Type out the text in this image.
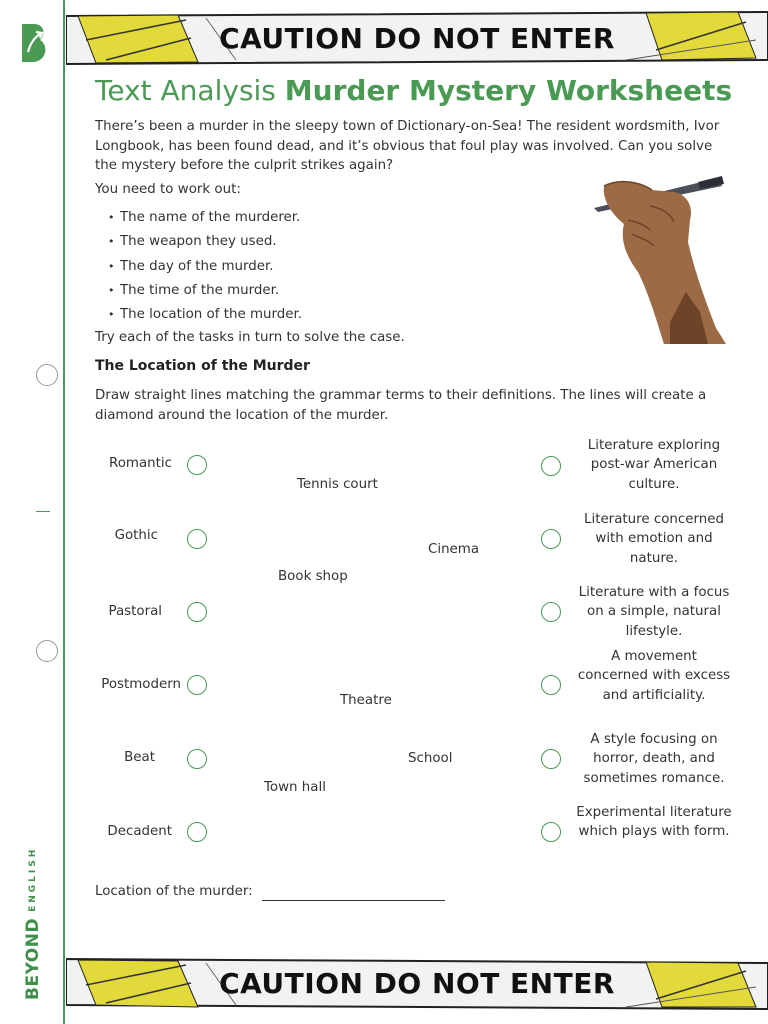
BEYOND
ENGLISH
CAUTION DO NOT ENTER
Text Analysis Murder Mystery Worksheets
There’s been a murder in the sleepy town of Dictionary-on-Sea! The resident wordsmith, Ivor Longbook, has been found dead, and it’s obvious that foul play was involved. Can you solve the mystery before the culprit strikes again?
You need to work out:
• The name of the murderer.
• The weapon they used.
• The day of the murder.
• The time of the murder.
• The location of the murder.
Try each of the tasks in turn to solve the case.
The Location of the Murder
Draw straight lines matching the grammar terms to their definitions. The lines will create a diamond around the location of the murder.
Romantic
Gothic
Pastoral
Postmodern
Beat
Decadent
Tennis court
Cinema
Book shop
Theatre
School
Town hall
Literature exploring post-war American culture.
Literature concerned with emotion and nature.
Literature with a focus on a simple, natural lifestyle.
A movement concerned with excess and artificiality.
A style focusing on horror, death, and sometimes romance.
Experimental literature which plays with form.
Location of the murder:
CAUTION DO NOT ENTER
